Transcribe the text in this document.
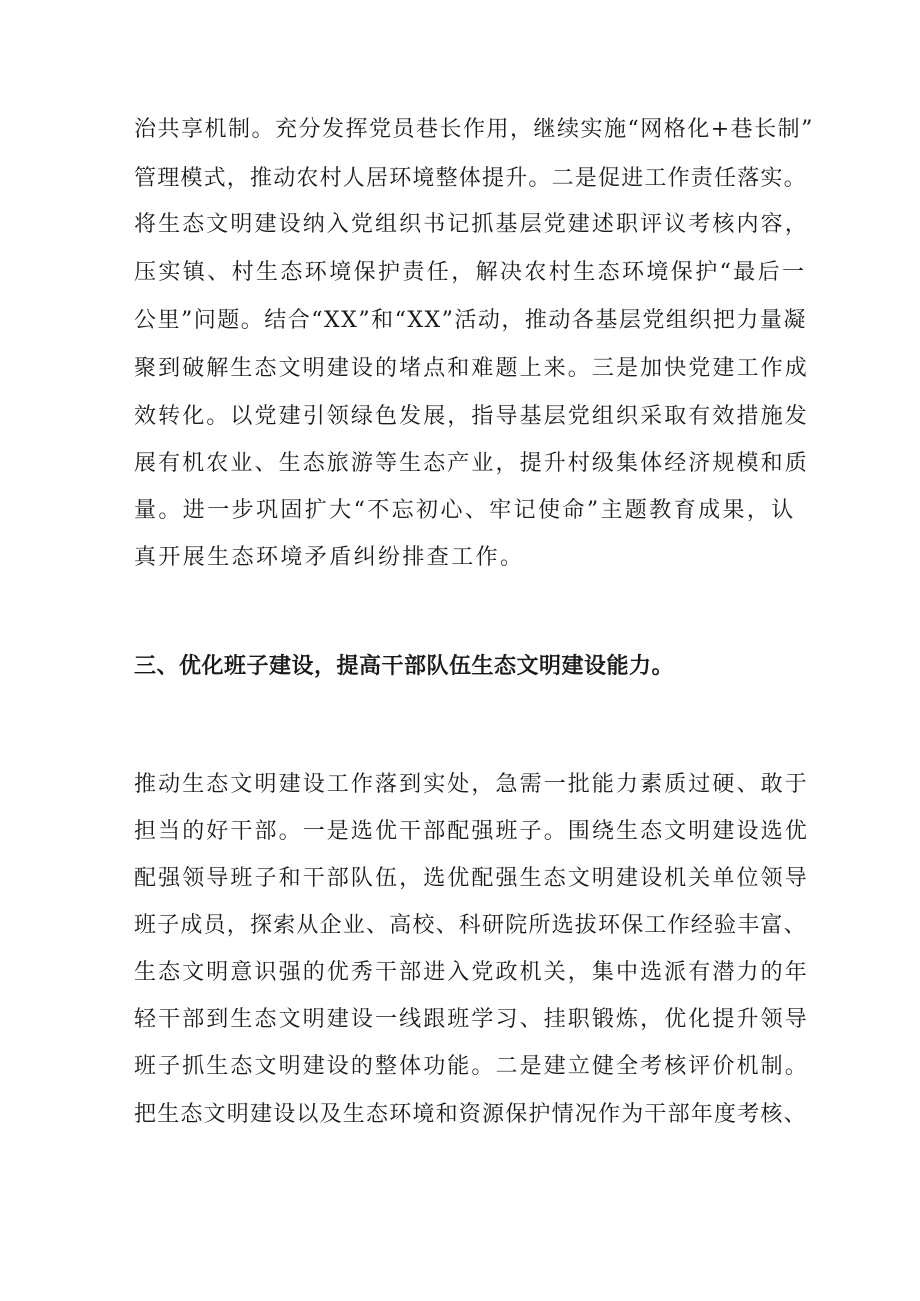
治共享机制。充分发挥党员巷长作用，继续实施“网格化+巷长制”
管理模式，推动农村人居环境整体提升。二是促进工作责任落实。
将生态文明建设纳入党组织书记抓基层党建述职评议考核内容，
压实镇、村生态环境保护责任，解决农村生态环境保护“最后一
公里”问题。结合“XX”和“XX”活动，推动各基层党组织把力量凝
聚到破解生态文明建设的堵点和难题上来。三是加快党建工作成
效转化。以党建引领绿色发展，指导基层党组织采取有效措施发
展有机农业、生态旅游等生态产业，提升村级集体经济规模和质
量。进一步巩固扩大“不忘初心、牢记使命”主题教育成果，认
真开展生态环境矛盾纠纷排查工作。
三、优化班子建设，提高干部队伍生态文明建设能力。
推动生态文明建设工作落到实处，急需一批能力素质过硬、敢于
担当的好干部。一是选优干部配强班子。围绕生态文明建设选优
配强领导班子和干部队伍，选优配强生态文明建设机关单位领导
班子成员，探索从企业、高校、科研院所选拔环保工作经验丰富、
生态文明意识强的优秀干部进入党政机关，集中选派有潜力的年
轻干部到生态文明建设一线跟班学习、挂职锻炼，优化提升领导
班子抓生态文明建设的整体功能。二是建立健全考核评价机制。
把生态文明建设以及生态环境和资源保护情况作为干部年度考核、
